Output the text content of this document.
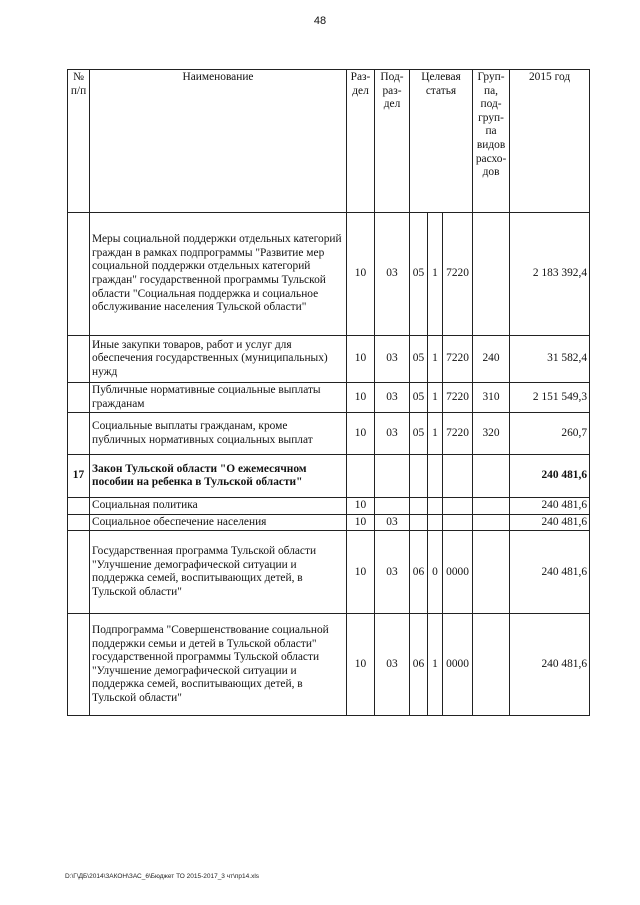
48
№ п/п	Наименование	Раз-дел	Под-раз-дел	Целевая статья			Груп-па, под-груп-па видов расхо-дов	2015 год
	Меры социальной поддержки отдельных категорий граждан в рамках подпрограммы "Развитие мер социальной поддержки отдельных категорий граждан" государственной программы Тульской области "Социальная поддержка и социальное обслуживание населения Тульской области"	10	03	05	1	7220		2 183 392,4
	Иные закупки товаров, работ и услуг для обеспечения государственных (муниципальных) нужд	10	03	05	1	7220	240	31 582,4
	Публичные нормативные социальные выплаты гражданам	10	03	05	1	7220	310	2 151 549,3
	Социальные выплаты гражданам, кроме публичных нормативных социальных выплат	10	03	05	1	7220	320	260,7
17	Закон Тульской области "О ежемесячном пособии на ребенка в Тульской области"							240 481,6
	Социальная политика	10						240 481,6
	Социальное обеспечение населения	10	03					240 481,6
	Государственная программа Тульской области "Улучшение демографической ситуации и поддержка семей, воспитывающих детей, в Тульской области"	10	03	06	0	0000		240 481,6
	Подпрограмма "Совершенствование социальной поддержки семьи и детей в Тульской области" государственной программы Тульской области "Улучшение демографической ситуации и поддержка семей, воспитывающих детей, в Тульской области"	10	03	06	1	0000		240 481,6
D:\Г\ДБ\2014\ЗАКОН\ЗАС_6\Бюджет ТО 2015-2017_3 чт\пр14.xls
